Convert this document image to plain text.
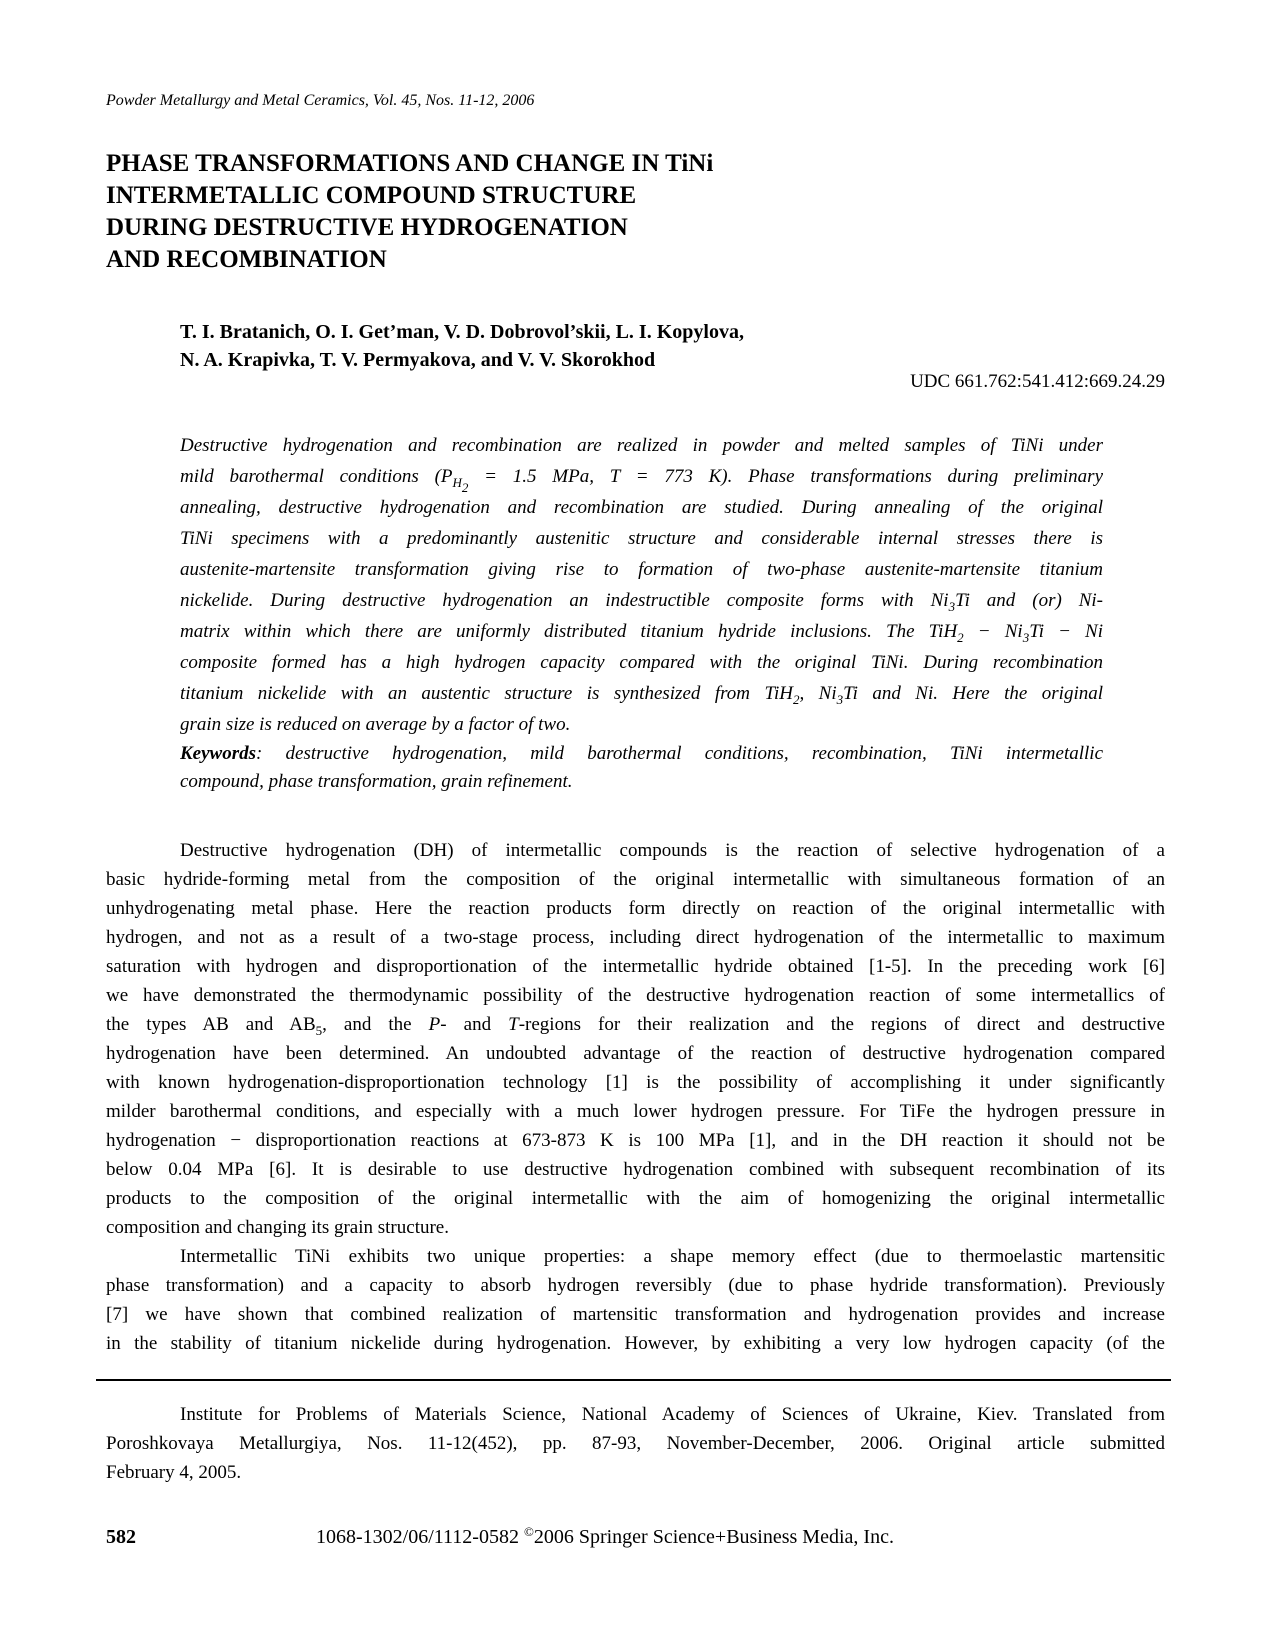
Powder Metallurgy and Metal Ceramics, Vol. 45, Nos. 11-12, 2006
PHASE TRANSFORMATIONS AND CHANGE IN TiNi
INTERMETALLIC COMPOUND STRUCTURE
DURING DESTRUCTIVE HYDROGENATION
AND RECOMBINATION
T. I. Bratanich, O. I. Get’man, V. D. Dobrovol’skii, L. I. Kopylova,
N. A. Krapivka, T. V. Permyakova, and V. V. Skorokhod
UDC 661.762:541.412:669.24.29
Destructive hydrogenation and recombination are realized in powder and melted samples of TiNi under
mild barothermal conditions ($P_{H_2} = 1.5$ MPa, T = 773 K). Phase transformations during preliminary
annealing, destructive hydrogenation and recombination are studied. During annealing of the original
TiNi specimens with a predominantly austenitic structure and considerable internal stresses there is
austenite-martensite transformation giving rise to formation of two-phase austenite-martensite titanium
nickelide. During destructive hydrogenation an indestructible composite forms with $Ni_3Ti$ and (or) Ni-
matrix within which there are uniformly distributed titanium hydride inclusions. The $TiH_2 - Ni_3Ti - Ni$
composite formed has a high hydrogen capacity compared with the original TiNi. During recombination
titanium nickelide with an austentic structure is synthesized from TiH$_2$, $Ni_3Ti$ and Ni. Here the original
grain size is reduced on average by a factor of two.
Keywords: destructive hydrogenation, mild barothermal conditions, recombination, TiNi intermetallic
compound, phase transformation, grain refinement.
Destructive hydrogenation (DH) of intermetallic compounds is the reaction of selective hydrogenation of a
basic hydride-forming metal from the composition of the original intermetallic with simultaneous formation of an
unhydrogenating metal phase. Here the reaction products form directly on reaction of the original intermetallic with
hydrogen, and not as a result of a two-stage process, including direct hydrogenation of the intermetallic to maximum
saturation with hydrogen and disproportionation of the intermetallic hydride obtained [1-5]. In the preceding work [6]
we have demonstrated the thermodynamic possibility of the destructive hydrogenation reaction of some intermetallics of
the types AB and $AB_5$, and the P- and T-regions for their realization and the regions of direct and destructive
hydrogenation have been determined. An undoubted advantage of the reaction of destructive hydrogenation compared
with known hydrogenation-disproportionation technology [1] is the possibility of accomplishing it under significantly
milder barothermal conditions, and especially with a much lower hydrogen pressure. For TiFe the hydrogen pressure in
hydrogenation − disproportionation reactions at 673-873 K is 100 MPa [1], and in the DH reaction it should not be
below 0.04 MPa [6]. It is desirable to use destructive hydrogenation combined with subsequent recombination of its
products to the composition of the original intermetallic with the aim of homogenizing the original intermetallic
composition and changing its grain structure.
Intermetallic TiNi exhibits two unique properties: a shape memory effect (due to thermoelastic martensitic
phase transformation) and a capacity to absorb hydrogen reversibly (due to phase hydride transformation). Previously
[7] we have shown that combined realization of martensitic transformation and hydrogenation provides and increase
in the stability of titanium nickelide during hydrogenation. However, by exhibiting a very low hydrogen capacity (of the
Institute for Problems of Materials Science, National Academy of Sciences of Ukraine, Kiev. Translated from
Poroshkovaya Metallurgiya, Nos. 11-12(452), pp. 87-93, November-December, 2006. Original article submitted
February 4, 2005.
582	1068-1302/06/1112-0582 ©2006 Springer Science+Business Media, Inc.
